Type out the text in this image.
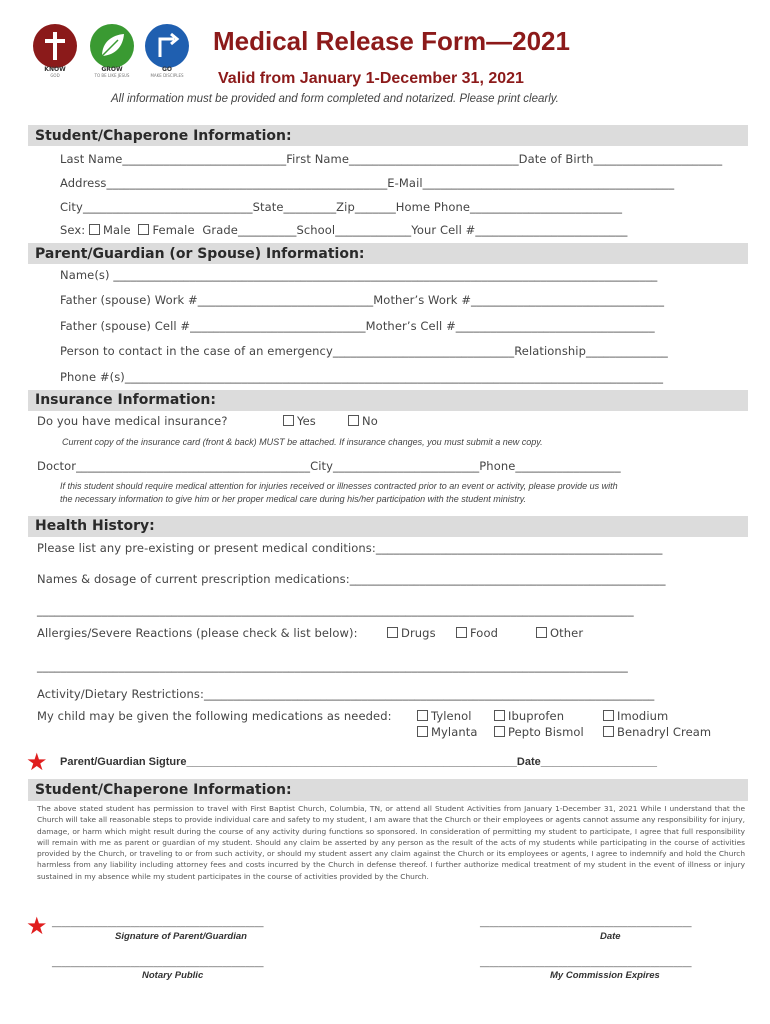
KNOW
GOD
GROW
TO BE LIKE JESUS
GO
MAKE DISCIPLES
Medical Release Form—2021
Valid from January 1-December 31, 2021
All information must be provided and form completed and notarized. Please print clearly.
Student/Chaperone Information:
Last Name____________________________First Name_____________________________Date of Birth______________________
Address________________________________________________E-Mail___________________________________________
City_____________________________State_________Zip_______Home Phone__________________________
Sex: Male Female Grade__________School_____________Your Cell #__________________________
Parent/Guardian (or Spouse) Information:
Name(s) _____________________________________________________________________________________________
Father (spouse) Work #______________________________Mother’s Work #_________________________________
Father (spouse) Cell #______________________________Mother’s Cell #__________________________________
Person to contact in the case of an emergency_______________________________Relationship______________
Phone #(s)____________________________________________________________________________________________
Insurance Information:
Do you have medical insurance?	Yes	No
Current copy of the insurance card (front & back) MUST be attached. If insurance changes, you must submit a new copy.
Doctor________________________________________City_________________________Phone__________________
If this student should require medical attention for injuries received or illnesses contracted prior to an event or activity, please provide us with
the necessary information to give him or her proper medical care during his/her participation with the student ministry.
Health History:
Please list any pre-existing or present medical conditions:_________________________________________________
Names & dosage of current prescription medications:______________________________________________________
______________________________________________________________________________________________________
Allergies/Severe Reactions (please check & list below):	Drugs	Food	Other
_____________________________________________________________________________________________________
Activity/Dietary Restrictions:_____________________________________________________________________________
My child may be given the following medications as needed:	Tylenol	Ibuprofen	Imodium
Mylanta	Pepto Bismol	Benadryl Cream
★ Parent/Guardian Sigture______________________________________________________Date___________________
Student/Chaperone Information:
The above stated student has permission to travel with First Baptist Church, Columbia, TN, or attend all Student Activities from January 1-December 31, 2021 While I understand that the Church will take all reasonable steps to provide individual care and safety to my student, I am aware that the Church or their employees or agents cannot assume any responsibility for injury, damage, or harm which might result during the course of any activity during functions so sponsored. In consideration of permitting my student to participate, I agree that full responsibility will remain with me as parent or guardian of my student. Should any claim be asserted by any person as the result of the acts of my students while participating in the course of activities provided by the Church, or traveling to or from such activity, or should my student assert any claim against the Church or its employees or agents, I agree to indemnify and hold the Church harmless from any liability including attorney fees and costs incurred by the Church in defense thereof. I further authorize medical treatment of my student in the event of illness or injury sustained in my absence while my student participates in the course of activities provided by the Church.
★ ______________________________________________
Signature of Parent/Guardian
______________________________________________
Date
______________________________________________
Notary Public
______________________________________________
My Commission Expires
